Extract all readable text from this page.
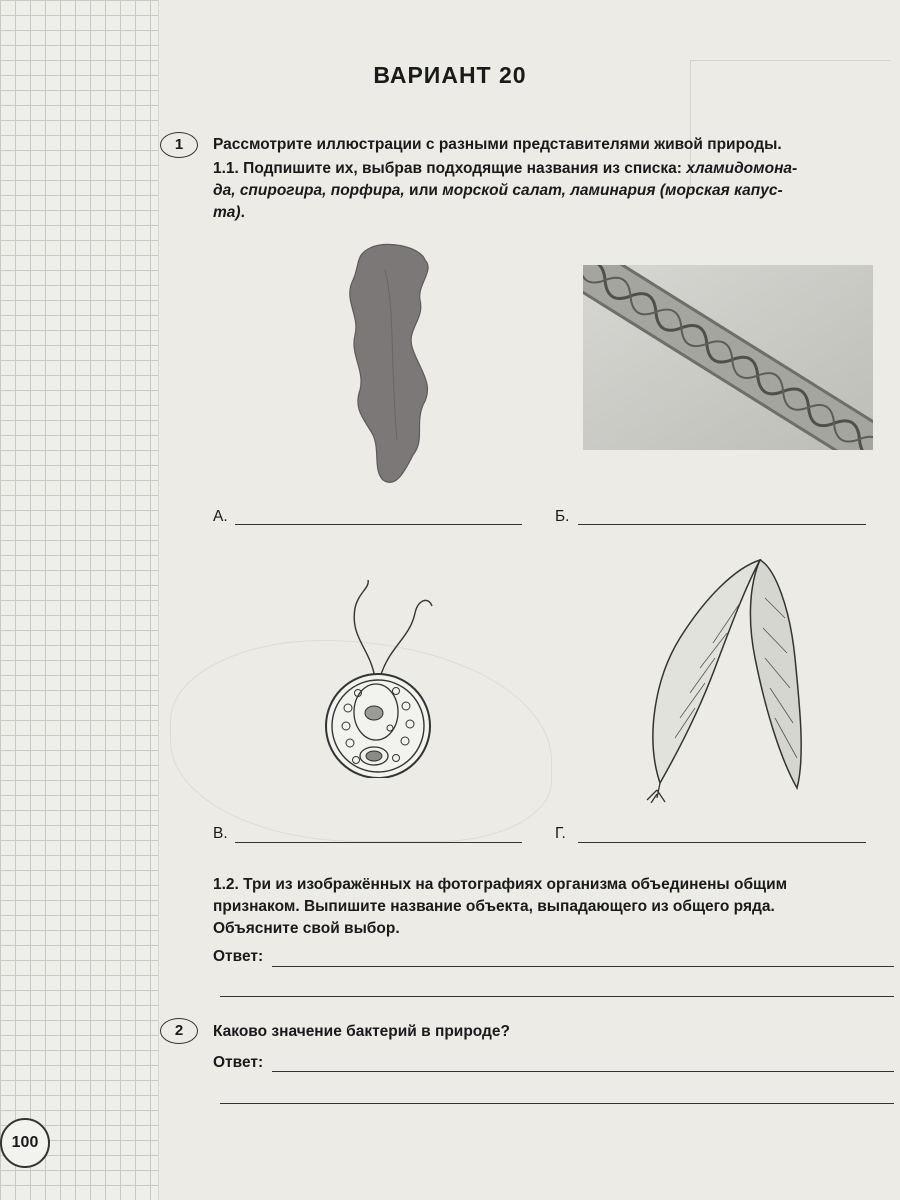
ВАРИАНТ 20
1	Рассмотрите иллюстрации с разными представителями живой природы.
1.1. Подпишите их, выбрав подходящие названия из списка: хламидомона-
да, спирогира, порфира, или морской салат, ламинария (морская капус-
та).
А.	Б.
В.	Г.
1.2. Три из изображённых на фотографиях организма объединены общим
признаком. Выпишите название объекта, выпадающего из общего ряда.
Объясните свой выбор.
Ответ:
2	Каково значение бактерий в природе?
Ответ:
100
